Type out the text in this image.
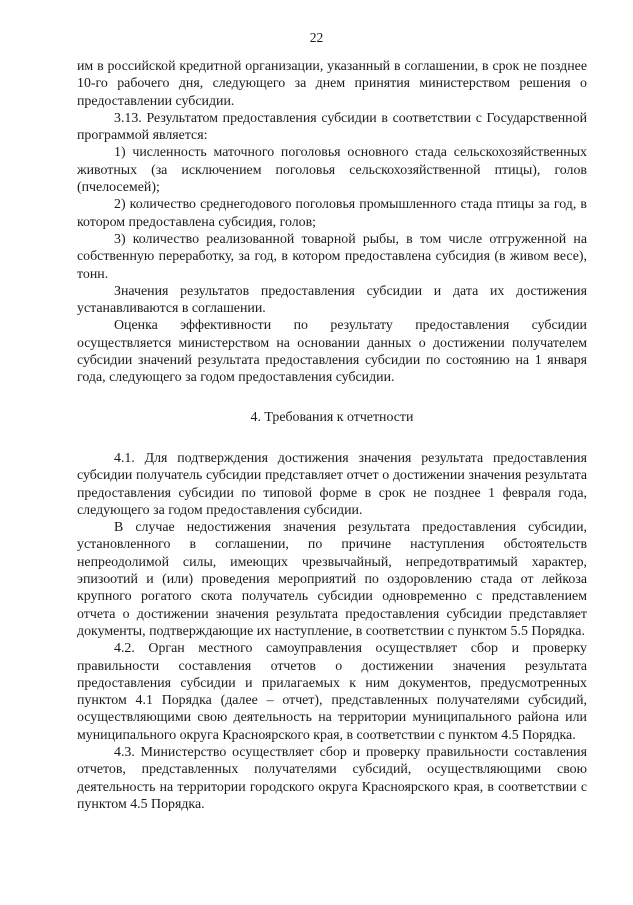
22

им в российской кредитной организации, указанный в соглашении, в срок не позднее 10-го рабочего дня, следующего за днем принятия министерством решения о предоставлении субсидии.

3.13. Результатом предоставления субсидии в соответствии с Государственной программой является:

1) численность маточного поголовья основного стада сельскохозяйственных животных (за исключением поголовья сельскохозяйственной птицы), голов (пчелосемей);

2) количество среднегодового поголовья промышленного стада птицы за год, в котором предоставлена субсидия, голов;

3) количество реализованной товарной рыбы, в том числе отгруженной на собственную переработку, за год, в котором предоставлена субсидия (в живом весе), тонн.

Значения результатов предоставления субсидии и дата их достижения устанавливаются в соглашении.

Оценка эффективности по результату предоставления субсидии осуществляется министерством на основании данных о достижении получателем субсидии значений результата предоставления субсидии по состоянию на 1 января года, следующего за годом предоставления субсидии.

4. Требования к отчетности

4.1. Для подтверждения достижения значения результата предоставления субсидии получатель субсидии представляет отчет о достижении значения результата предоставления субсидии по типовой форме в срок не позднее 1 февраля года, следующего за годом предоставления субсидии.

В случае недостижения значения результата предоставления субсидии, установленного в соглашении, по причине наступления обстоятельств непреодолимой силы, имеющих чрезвычайный, непредотвратимый характер, эпизоотий и (или) проведения мероприятий по оздоровлению стада от лейкоза крупного рогатого скота получатель субсидии одновременно с представлением отчета о достижении значения результата предоставления субсидии представляет документы, подтверждающие их наступление, в соответствии с пунктом 5.5 Порядка.

4.2. Орган местного самоуправления осуществляет сбор и проверку правильности составления отчетов о достижении значения результата предоставления субсидии и прилагаемых к ним документов, предусмотренных пунктом 4.1 Порядка (далее – отчет), представленных получателями субсидий, осуществляющими свою деятельность на территории муниципального района или муниципального округа Красноярского края, в соответствии с пунктом 4.5 Порядка.

4.3. Министерство осуществляет сбор и проверку правильности составления отчетов, представленных получателями субсидий, осуществляющими свою деятельность на территории городского округа Красноярского края, в соответствии с пунктом 4.5 Порядка.
